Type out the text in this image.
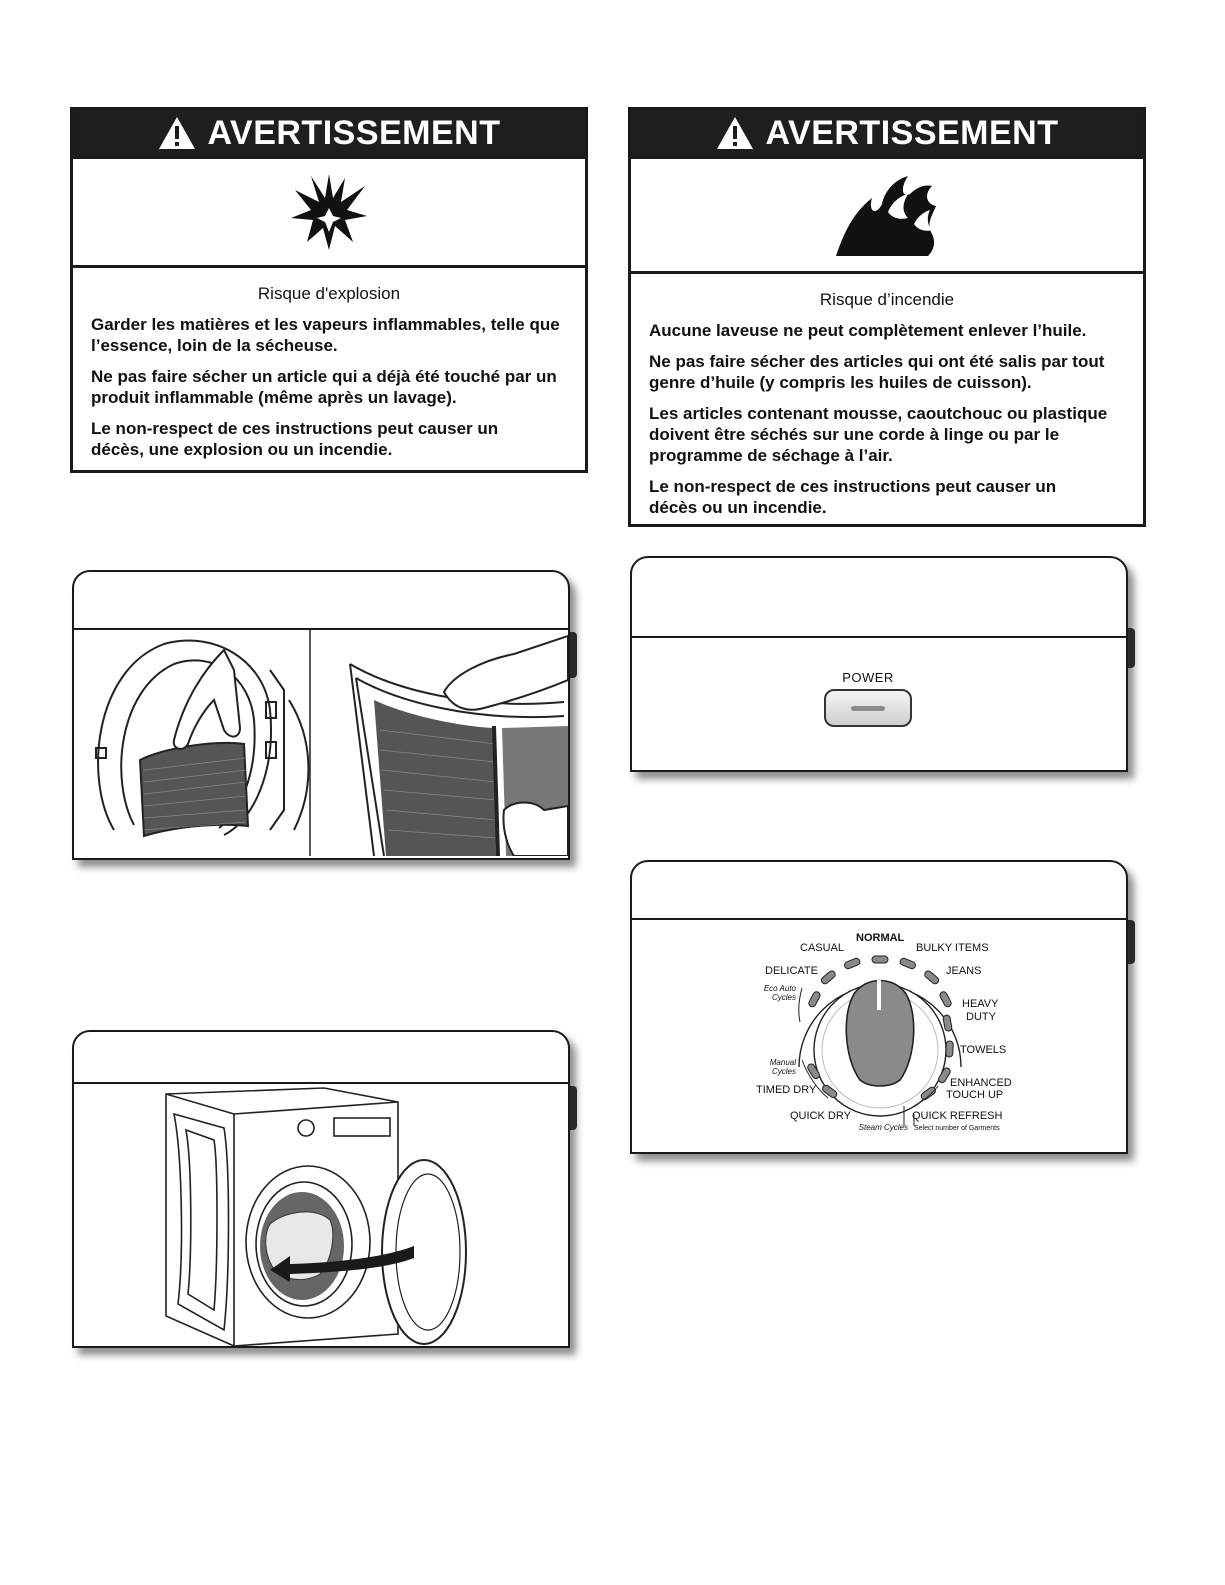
AVERTISSEMENT
Risque d'explosion

Garder les matières et les vapeurs inflammables, telle que l’essence, loin de la sécheuse.

Ne pas faire sécher un article qui a déjà été touché par un produit inflammable (même après un lavage).

Le non-respect de ces instructions peut causer un décès, une explosion ou un incendie.

AVERTISSEMENT
Risque d’incendie

Aucune laveuse ne peut complètement enlever l’huile.

Ne pas faire sécher des articles qui ont été salis par tout genre d’huile (y compris les huiles de cuisson).

Les articles contenant mousse, caoutchouc ou plastique doivent être séchés sur une corde à linge ou par le programme de séchage à l’air.

Le non-respect de ces instructions peut causer un décès ou un incendie.

POWER
NORMAL
CASUAL	BULKY ITEMS
DELICATE	JEANS
HEAVY
DUTY
TOWELS
TIMED DRY
ENHANCED
TOUCH UP
QUICK DRY	QUICK REFRESH
Eco Auto
Cycles
Manual
Cycles
Steam Cycles Select number of Garments
